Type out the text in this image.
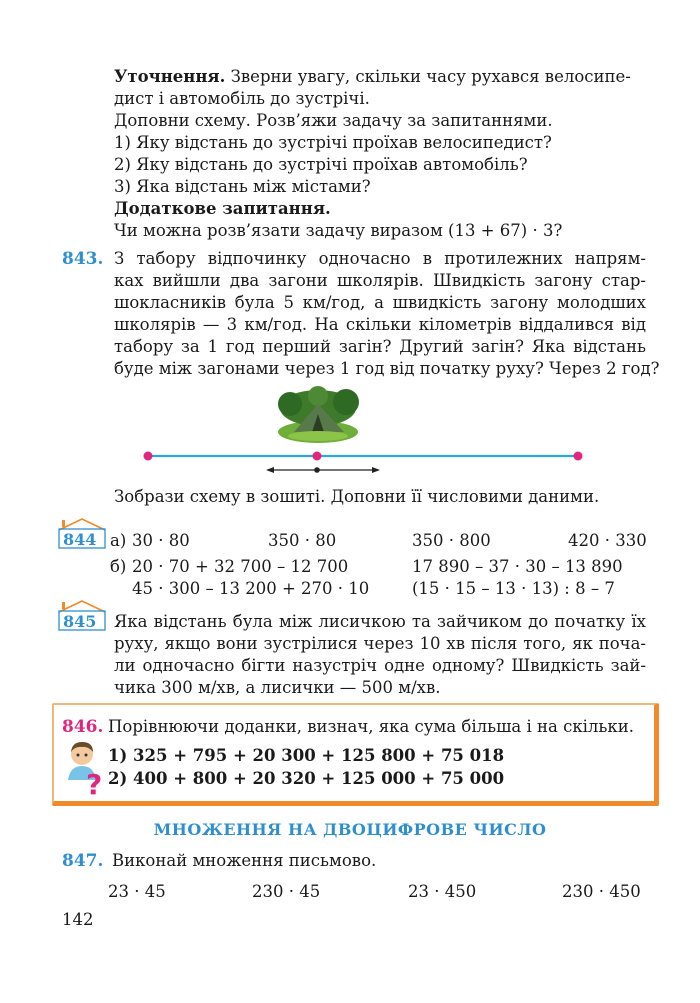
Уточнення. Зверни увагу, скільки часу рухався велосипе-
дист і автомобіль до зустрічі.
Доповни схему. Розв’яжи задачу за запитаннями.
1) Яку відстань до зустрічі проїхав велосипедист?
2) Яку відстань до зустрічі проїхав автомобіль?
3) Яка відстань між містами?
Додаткове запитання.
Чи можна розв’язати задачу виразом (13 + 67) · 3?
843. З табору відпочинку одночасно в протилежних напрям-
ках вийшли два загони школярів. Швидкість загону стар-
шокласників була 5 км/год, а швидкість загону молодших
школярів — 3 км/год. На скільки кілометрів віддалився від
табору за 1 год перший загін? Другий загін? Яка відстань
буде між загонами через 1 год від початку руху? Через 2 год?
Зобрази схему в зошиті. Доповни її числовими даними.
844 а) 30 · 80	350 · 80	350 · 800	420 · 330
б) 20 · 70 + 32 700 – 12 700	17 890 – 37 · 30 – 13 890
45 · 300 – 13 200 + 270 · 10	(15 · 15 – 13 · 13) : 8 – 7
845 Яка відстань була між лисичкою та зайчиком до початку їх
руху, якщо вони зустрілися через 10 хв після того, як поча-
ли одночасно бігти назустріч одне одному? Швидкість зай-
чика 300 м/хв, а лисички — 500 м/хв.
846. Порівнюючи доданки, визнач, яка сума більша і на скільки.
?
1) 325 + 795 + 20 300 + 125 800 + 75 018
2) 400 + 800 + 20 320 + 125 000 + 75 000
МНОЖЕННЯ НА ДВОЦИФРОВЕ ЧИСЛО
847. Виконай множення письмово.
23 · 45	230 · 45	23 · 450	230 · 450
142
